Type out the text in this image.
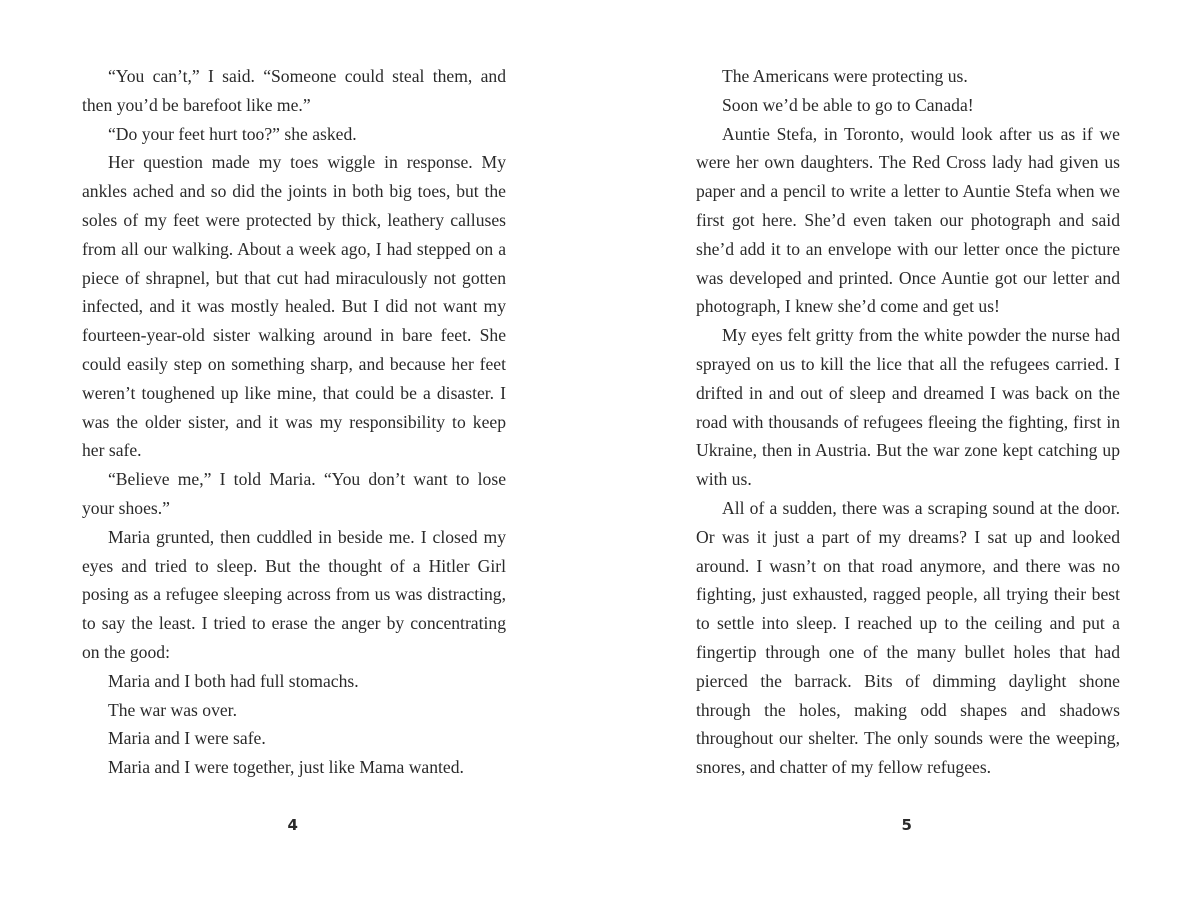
“You can’t,” I said. “Someone could steal them, and then you’d be barefoot like me.”

“Do your feet hurt too?” she asked.

Her question made my toes wiggle in response. My ankles ached and so did the joints in both big toes, but the soles of my feet were protected by thick, leathery calluses from all our walking. About a week ago, I had stepped on a piece of shrapnel, but that cut had miraculously not gotten infected, and it was mostly healed. But I did not want my fourteen-year-old sister walking around in bare feet. She could easily step on something sharp, and because her feet weren’t toughened up like mine, that could be a disaster. I was the older sister, and it was my responsibility to keep her safe.

“Believe me,” I told Maria. “You don’t want to lose your shoes.”

Maria grunted, then cuddled in beside me. I closed my eyes and tried to sleep. But the thought of a Hitler Girl posing as a refugee sleeping across from us was distracting, to say the least. I tried to erase the anger by concentrating on the good:

Maria and I both had full stomachs.

The war was over.

Maria and I were safe.

Maria and I were together, just like Mama wanted.

The Americans were protecting us.

Soon we’d be able to go to Canada!

Auntie Stefa, in Toronto, would look after us as if we were her own daughters. The Red Cross lady had given us paper and a pencil to write a letter to Auntie Stefa when we first got here. She’d even taken our photograph and said she’d add it to an envelope with our letter once the picture was developed and printed. Once Auntie got our letter and photograph, I knew she’d come and get us!

My eyes felt gritty from the white powder the nurse had sprayed on us to kill the lice that all the refugees carried. I drifted in and out of sleep and dreamed I was back on the road with thousands of refugees fleeing the fighting, first in Ukraine, then in Austria. But the war zone kept catching up with us.

All of a sudden, there was a scraping sound at the door. Or was it just a part of my dreams? I sat up and looked around. I wasn’t on that road anymore, and there was no fighting, just exhausted, ragged people, all trying their best to settle into sleep. I reached up to the ceiling and put a fingertip through one of the many bullet holes that had pierced the barrack. Bits of dimming daylight shone through the holes, making odd shapes and shadows throughout our shelter. The only sounds were the weeping, snores, and chatter of my fellow refugees.

4	5
